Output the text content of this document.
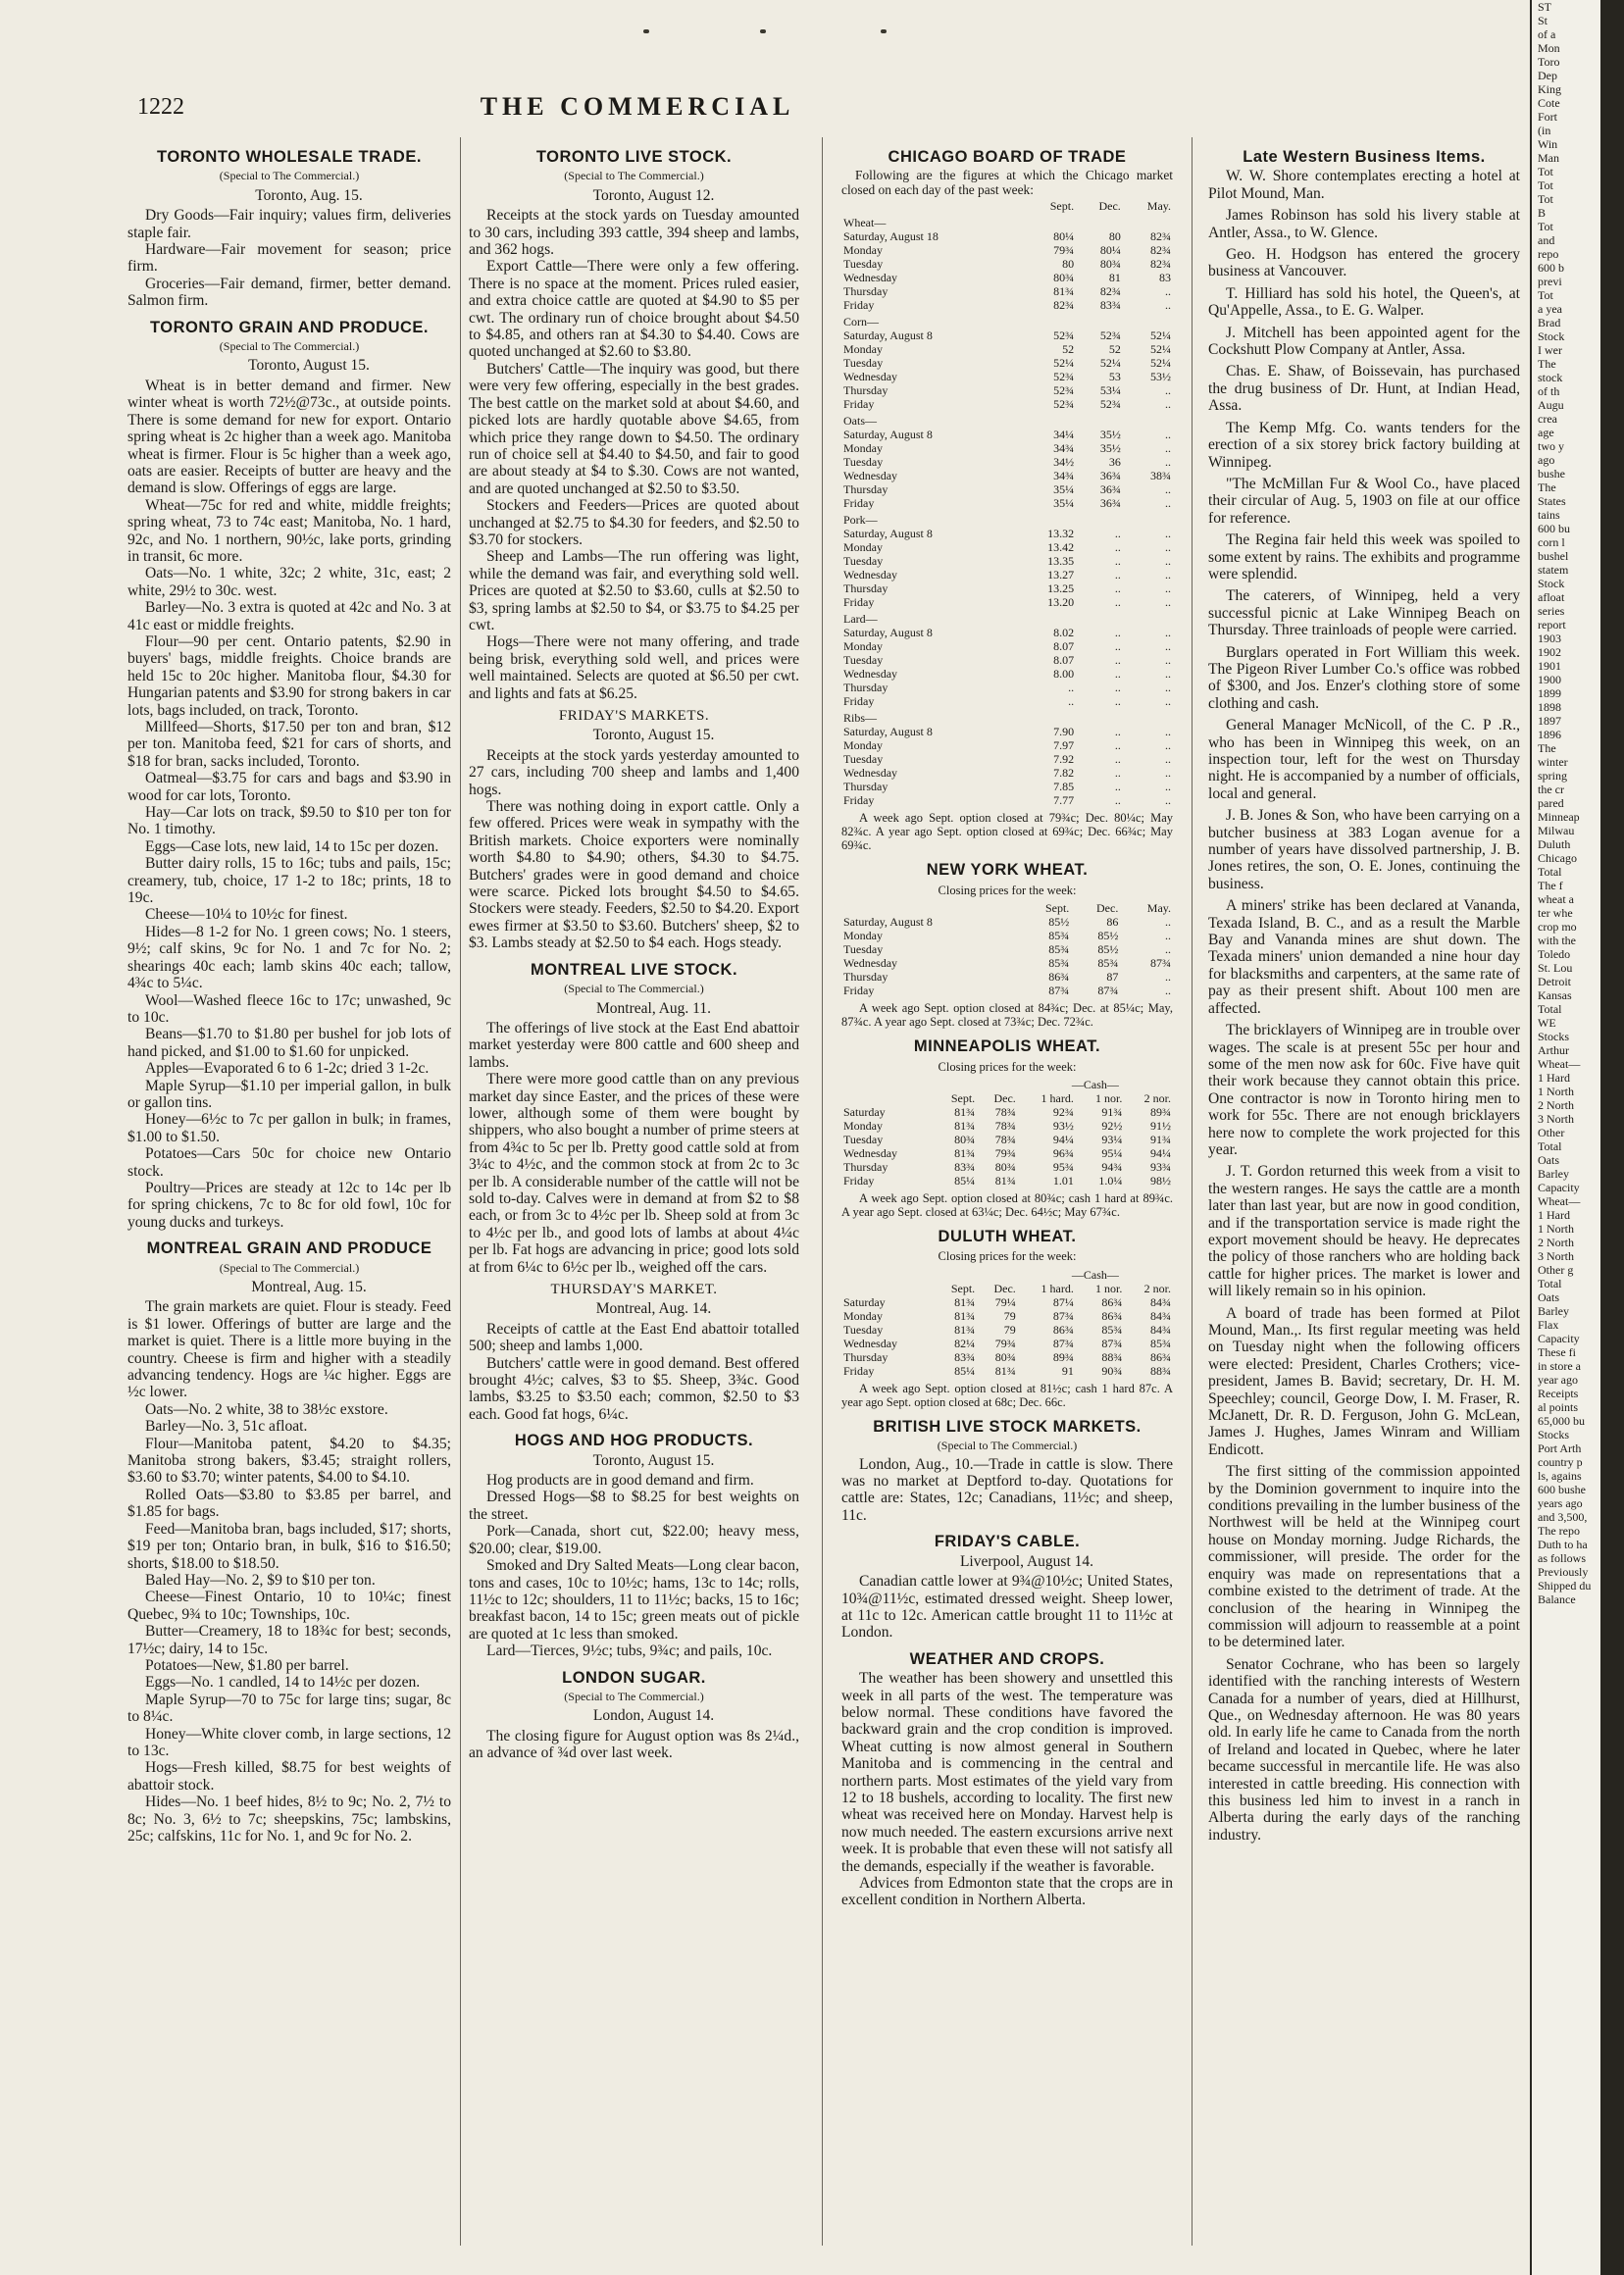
1222	THE COMMERCIAL
TORONTO WHOLESALE TRADE.
(Special to The Commercial.)
Toronto, Aug. 15.

Dry Goods—Fair inquiry; values firm, deliveries staple fair.

Hardware—Fair movement for season; price firm.

Groceries—Fair demand, firmer, better demand. Salmon firm.

TORONTO GRAIN AND PRODUCE.
(Special to The Commercial.)
Toronto, August 15.

Wheat is in better demand and firmer. New winter wheat is worth 72½@73c., at outside points. There is some demand for new for export. Ontario spring wheat is 2c higher than a week ago. Manitoba wheat is firmer. Flour is 5c higher than a week ago, oats are easier. Receipts of butter are heavy and the demand is slow. Offerings of eggs are large.

Wheat—75c for red and white, middle freights; spring wheat, 73 to 74c east; Manitoba, No. 1 hard, 92c, and No. 1 northern, 90½c, lake ports, grinding in transit, 6c more.

Oats—No. 1 white, 32c; 2 white, 31c, east; 2 white, 29½ to 30c. west.

Barley—No. 3 extra is quoted at 42c and No. 3 at 41c east or middle freights.

Flour—90 per cent. Ontario patents, $2.90 in buyers' bags, middle freights. Choice brands are held 15c to 20c higher. Manitoba flour, $4.30 for Hungarian patents and $3.90 for strong bakers in car lots, bags included, on track, Toronto.

Millfeed—Shorts, $17.50 per ton and bran, $12 per ton. Manitoba feed, $21 for cars of shorts, and $18 for bran, sacks included, Toronto.

Oatmeal—$3.75 for cars and bags and $3.90 in wood for car lots, Toronto.

Hay—Car lots on track, $9.50 to $10 per ton for No. 1 timothy.

Eggs—Case lots, new laid, 14 to 15c per dozen.

Butter dairy rolls, 15 to 16c; tubs and pails, 15c; creamery, tub, choice, 17 1-2 to 18c; prints, 18 to 19c.

Cheese—10¼ to 10½c for finest.

Hides—8 1-2 for No. 1 green cows; No. 1 steers, 9½; calf skins, 9c for No. 1 and 7c for No. 2; shearings 40c each; lamb skins 40c each; tallow, 4¾c to 5¼c.

Wool—Washed fleece 16c to 17c; unwashed, 9c to 10c.

Beans—$1.70 to $1.80 per bushel for job lots of hand picked, and $1.00 to $1.60 for unpicked.

Apples—Evaporated 6 to 6 1-2c; dried 3 1-2c.

Maple Syrup—$1.10 per imperial gallon, in bulk or gallon tins.

Honey—6½c to 7c per gallon in bulk; in frames, $1.00 to $1.50.

Potatoes—Cars 50c for choice new Ontario stock.

Poultry—Prices are steady at 12c to 14c per lb for spring chickens, 7c to 8c for old fowl, 10c for young ducks and turkeys.

MONTREAL GRAIN AND PRODUCE
(Special to The Commercial.)
Montreal, Aug. 15.

The grain markets are quiet. Flour is steady. Feed is $1 lower. Offerings of butter are large and the market is quiet. There is a little more buying in the country. Cheese is firm and higher with a steadily advancing tendency. Hogs are ¼c higher. Eggs are ½c lower.

Oats—No. 2 white, 38 to 38½c exstore.

Barley—No. 3, 51c afloat.

Flour—Manitoba patent, $4.20 to $4.35; Manitoba strong bakers, $3.45; straight rollers, $3.60 to $3.70; winter patents, $4.00 to $4.10.

Rolled Oats—$3.80 to $3.85 per barrel, and $1.85 for bags.

Feed—Manitoba bran, bags included, $17; shorts, $19 per ton; Ontario bran, in bulk, $16 to $16.50; shorts, $18.00 to $18.50.

Baled Hay—No. 2, $9 to $10 per ton.

Cheese—Finest Ontario, 10 to 10¼c; finest Quebec, 9¾ to 10c; Townships, 10c.

Butter—Creamery, 18 to 18¾c for best; seconds, 17½c; dairy, 14 to 15c.

Potatoes—New, $1.80 per barrel.

Eggs—No. 1 candled, 14 to 14½c per dozen.

Maple Syrup—70 to 75c for large tins; sugar, 8c to 8¼c.

Honey—White clover comb, in large sections, 12 to 13c.

Hogs—Fresh killed, $8.75 for best weights of abattoir stock.

Hides—No. 1 beef hides, 8½ to 9c; No. 2, 7½ to 8c; No. 3, 6½ to 7c; sheepskins, 75c; lambskins, 25c; calfskins, 11c for No. 1, and 9c for No. 2.

TORONTO LIVE STOCK.
(Special to The Commercial.)
Toronto, August 12.

Receipts at the stock yards on Tuesday amounted to 30 cars, including 393 cattle, 394 sheep and lambs, and 362 hogs.

Export Cattle—There were only a few offering. There is no space at the moment. Prices ruled easier, and extra choice cattle are quoted at $4.90 to $5 per cwt. The ordinary run of choice brought about $4.50 to $4.85, and others ran at $4.30 to $4.40. Cows are quoted unchanged at $2.60 to $3.80.

Butchers' Cattle—The inquiry was good, but there were very few offering, especially in the best grades. The best cattle on the market sold at about $4.60, and picked lots are hardly quotable above $4.65, from which price they range down to $4.50. The ordinary run of choice sell at $4.40 to $4.50, and fair to good are about steady at $4 to $.30. Cows are not wanted, and are quoted unchanged at $2.50 to $3.50.

Stockers and Feeders—Prices are quoted about unchanged at $2.75 to $4.30 for feeders, and $2.50 to $3.70 for stockers.

Sheep and Lambs—The run offering was light, while the demand was fair, and everything sold well. Prices are quoted at $2.50 to $3.60, culls at $2.50 to $3, spring lambs at $2.50 to $4, or $3.75 to $4.25 per cwt.

Hogs—There were not many offering, and trade being brisk, everything sold well, and prices were well maintained. Selects are quoted at $6.50 per cwt. and lights and fats at $6.25.

FRIDAY'S MARKETS.
Toronto, August 15.

Receipts at the stock yards yesterday amounted to 27 cars, including 700 sheep and lambs and 1,400 hogs.

There was nothing doing in export cattle. Only a few offered. Prices were weak in sympathy with the British markets. Choice exporters were nominally worth $4.80 to $4.90; others, $4.30 to $4.75. Butchers' grades were in good demand and choice were scarce. Picked lots brought $4.50 to $4.65. Stockers were steady. Feeders, $2.50 to $4.20. Export ewes firmer at $3.50 to $3.60. Butchers' sheep, $2 to $3. Lambs steady at $2.50 to $4 each. Hogs steady.

MONTREAL LIVE STOCK.
(Special to The Commercial.)
Montreal, Aug. 11.

The offerings of live stock at the East End abattoir market yesterday were 800 cattle and 600 sheep and lambs.

There were more good cattle than on any previous market day since Easter, and the prices of these were lower, although some of them were bought by shippers, who also bought a number of prime steers at from 4¾c to 5c per lb. Pretty good cattle sold at from 3¼c to 4½c, and the common stock at from 2c to 3c per lb. A considerable number of the cattle will not be sold to-day. Calves were in demand at from $2 to $8 each, or from 3c to 4½c per lb. Sheep sold at from 3c to 4½c per lb., and good lots of lambs at about 4¼c per lb. Fat hogs are advancing in price; good lots sold at from 6¼c to 6½c per lb., weighed off the cars.

THURSDAY'S MARKET.
Montreal, Aug. 14.

Receipts of cattle at the East End abattoir totalled 500; sheep and lambs 1,000.

Butchers' cattle were in good demand. Best offered brought 4½c; calves, $3 to $5. Sheep, 3¾c. Good lambs, $3.25 to $3.50 each; common, $2.50 to $3 each. Good fat hogs, 6¼c.

HOGS AND HOG PRODUCTS.
Toronto, August 15.

Hog products are in good demand and firm.

Dressed Hogs—$8 to $8.25 for best weights on the street.

Pork—Canada, short cut, $22.00; heavy mess, $20.00; clear, $19.00.

Smoked and Dry Salted Meats—Long clear bacon, tons and cases, 10c to 10½c; hams, 13c to 14c; rolls, 11½c to 12c; shoulders, 11 to 11½c; backs, 15 to 16c; breakfast bacon, 14 to 15c; green meats out of pickle are quoted at 1c less than smoked.

Lard—Tierces, 9½c; tubs, 9¾c; and pails, 10c.

LONDON SUGAR.
(Special to The Commercial.)
London, August 14.

The closing figure for August option was 8s 2¼d., an advance of ¾d over last week.

CHICAGO BOARD OF TRADE

Following are the figures at which the Chicago market closed on each day of the past week:

	Sept.	Dec.	May.
Wheat—			
Saturday, August 18	80¼	80	82¾
Monday	79¾	80¼	82¾
Tuesday	80	80¾	82¾
Wednesday	80¾	81	83
Thursday	81¾	82¾	..
Friday	82¾	83¾	..
Corn—			
Saturday, August 8	52¾	52¾	52¼
Monday	52	52	52¼
Tuesday	52¼	52¼	52¼
Wednesday	52¾	53	53½
Thursday	52¾	53¼	..
Friday	52¾	52¾	..
Oats—			
Saturday, August 8	34¼	35½	..
Monday	34¾	35½	..
Tuesday	34½	36	..
Wednesday	34¾	36¾	38¾
Thursday	35¼	36¾	..
Friday	35¼	36¾	..
Pork—			
Saturday, August 8	13.32	..	..
Monday	13.42	..	..
Tuesday	13.35	..	..
Wednesday	13.27	..	..
Thursday	13.25	..	..
Friday	13.20	..	..
Lard—			
Saturday, August 8	8.02	..	..
Monday	8.07	..	..
Tuesday	8.07	..	..
Wednesday	8.00	..	..
Thursday	..	..	..
Friday	..	..	..
Ribs—			
Saturday, August 8	7.90	..	..
Monday	7.97	..	..
Tuesday	7.92	..	..
Wednesday	7.82	..	..
Thursday	7.85	..	..
Friday	7.77	..	..

A week ago Sept. option closed at 79¾c; Dec. 80¼c; May 82¾c. A year ago Sept. option closed at 69¾c; Dec. 66¾c; May 69¾c.

NEW YORK WHEAT.
Closing prices for the week:
	Sept.	Dec.	May.
Saturday, August 8	85½	86	..
Monday	85¾	85½	..
Tuesday	85¾	85½	..
Wednesday	85¾	85¾	87¾
Thursday	86¾	87	..
Friday	87¾	87¾	..

A week ago Sept. option closed at 84¾c; Dec. at 85¼c; May, 87¾c. A year ago Sept. closed at 73¾c; Dec. 72¾c.

MINNEAPOLIS WHEAT.
Closing prices for the week:
			—Cash—		
	Sept.	Dec.	1 hard.	1 nor.	2 nor.
Saturday	81¾	78¾	92¾	91¾	89¾
Monday	81¾	78¾	93½	92½	91½
Tuesday	80¾	78¾	94¼	93¼	91¾
Wednesday	81¾	79¾	96¾	95¼	94¼
Thursday	83¾	80¾	95¾	94¾	93¾
Friday	85¼	81¾	1.01	1.0¼	98½

A week ago Sept. option closed at 80¾c; cash 1 hard at 89¾c. A year ago Sept. closed at 63¼c; Dec. 64½c; May 67¾c.

DULUTH WHEAT.
Closing prices for the week:
			—Cash—		
	Sept.	Dec.	1 hard.	1 nor.	2 nor.
Saturday	81¾	79¼	87¼	86¾	84¾
Monday	81¾	79	87¾	86¾	84¾
Tuesday	81¾	79	86¾	85¾	84¾
Wednesday	82¼	79¾	87¾	87¾	85¾
Thursday	83¾	80¾	89¾	88¾	86¾
Friday	85¼	81¾	91	90¾	88¾

A week ago Sept. option closed at 81½c; cash 1 hard 87c. A year ago Sept. option closed at 68c; Dec. 66c.

BRITISH LIVE STOCK MARKETS.
(Special to The Commercial.)

London, Aug., 10.—Trade in cattle is slow. There was no market at Deptford to-day. Quotations for cattle are: States, 12c; Canadians, 11½c; and sheep, 11c.

FRIDAY'S CABLE.
Liverpool, August 14.

Canadian cattle lower at 9¾@10½c; United States, 10¾@11½c, estimated dressed weight. Sheep lower, at 11c to 12c. American cattle brought 11 to 11½c at London.

WEATHER AND CROPS.

The weather has been showery and unsettled this week in all parts of the west. The temperature was below normal. These conditions have favored the backward grain and the crop condition is improved. Wheat cutting is now almost general in Southern Manitoba and is commencing in the central and northern parts. Most estimates of the yield vary from 12 to 18 bushels, according to locality. The first new wheat was received here on Monday. Harvest help is now much needed. The eastern excursions arrive next week. It is probable that even these will not satisfy all the demands, especially if the weather is favorable.

Advices from Edmonton state that the crops are in excellent condition in Northern Alberta.

Late Western Business Items.

W. W. Shore contemplates erecting a hotel at Pilot Mound, Man.

James Robinson has sold his livery stable at Antler, Assa., to W. Glence.

Geo. H. Hodgson has entered the grocery business at Vancouver.

T. Hilliard has sold his hotel, the Queen's, at Qu'Appelle, Assa., to E. G. Walper.

J. Mitchell has been appointed agent for the Cockshutt Plow Company at Antler, Assa.

Chas. E. Shaw, of Boissevain, has purchased the drug business of Dr. Hunt, at Indian Head, Assa.

The Kemp Mfg. Co. wants tenders for the erection of a six storey brick factory building at Winnipeg.

"The McMillan Fur & Wool Co., have placed their circular of Aug. 5, 1903 on file at our office for reference.

The Regina fair held this week was spoiled to some extent by rains. The exhibits and programme were splendid.

The caterers, of Winnipeg, held a very successful picnic at Lake Winnipeg Beach on Thursday. Three trainloads of people were carried.

Burglars operated in Fort William this week. The Pigeon River Lumber Co.'s office was robbed of $300, and Jos. Enzer's clothing store of some clothing and cash.

General Manager McNicoll, of the C. P .R., who has been in Winnipeg this week, on an inspection tour, left for the west on Thursday night. He is accompanied by a number of officials, local and general.

J. B. Jones & Son, who have been carrying on a butcher business at 383 Logan avenue for a number of years have dissolved partnership, J. B. Jones retires, the son, O. E. Jones, continuing the business.

A miners' strike has been declared at Vananda, Texada Island, B. C., and as a result the Marble Bay and Vananda mines are shut down. The Texada miners' union demanded a nine hour day for blacksmiths and carpenters, at the same rate of pay as their present shift. About 100 men are affected.

The bricklayers of Winnipeg are in trouble over wages. The scale is at present 55c per hour and some of the men now ask for 60c. Five have quit their work because they cannot obtain this price. One contractor is now in Toronto hiring men to work for 55c. There are not enough bricklayers here now to complete the work projected for this year.

J. T. Gordon returned this week from a visit to the western ranges. He says the cattle are a month later than last year, but are now in good condition, and if the transportation service is made right the export movement should be heavy. He deprecates the policy of those ranchers who are holding back cattle for higher prices. The market is lower and will likely remain so in his opinion.

A board of trade has been formed at Pilot Mound, Man.,. Its first regular meeting was held on Tuesday night when the following officers were elected: President, Charles Crothers; vice-president, James B. Bavid; secretary, Dr. H. M. Speechley; council, George Dow, I. M. Fraser, R. McJanett, Dr. R. D. Ferguson, John G. McLean, James J. Hughes, James Winram and William Endicott.

The first sitting of the commission appointed by the Dominion government to inquire into the conditions prevailing in the lumber business of the Northwest will be held at the Winnipeg court house on Monday morning. Judge Richards, the commissioner, will preside. The order for the enquiry was made on representations that a combine existed to the detriment of trade. At the conclusion of the hearing in Winnipeg the commission will adjourn to reassemble at a point to be determined later.

Senator Cochrane, who has been so largely identified with the ranching interests of Western Canada for a number of years, died at Hillhurst, Que., on Wednesday afternoon. He was 80 years old. In early life he came to Canada from the north of Ireland and located in Quebec, where he later became successful in mercantile life. He was also interested in cattle breeding. His connection with this business led him to invest in a ranch in Alberta during the early days of the ranching industry.

ST
St
of a
Mon
Toro
Dep
King
Cote
Fort
(in
Win
Man
Tot
Tot
Tot
B
Tot
and
repo
600 b
previ
Tot
a yea
Brad
Stock
I wer
The
stock
of th
Augu
crea
age
two y
ago
bushe
The
States
tains
600 bu
corn l
bushel
statem
Stock
afloat
series
report
1903
1902
1901
1900
1899
1898
1897
1896
The
winter
spring
the cr
pared
Minneap
Milwau
Duluth
Chicago
Total
The f
wheat a
ter whe
crop mo
with the
Toledo
St. Lou
Detroit
Kansas
Total
WE
Stocks
Arthur
Wheat—
1 Hard
1 North
2 North
3 North
Other
Total
Oats
Barley
Capacity
Wheat—
1 Hard
1 North
2 North
3 North
Other g
Total
Oats
Barley
Flax
Capacity
These fi
in store a
year ago
Receipts
al points
65,000 bu
Stocks
Port Arth
country p
ls, agains
600 bushe
years ago
and 3,500,
The repo
Duth to ha
as follows
Previously
Shipped du
Balance
